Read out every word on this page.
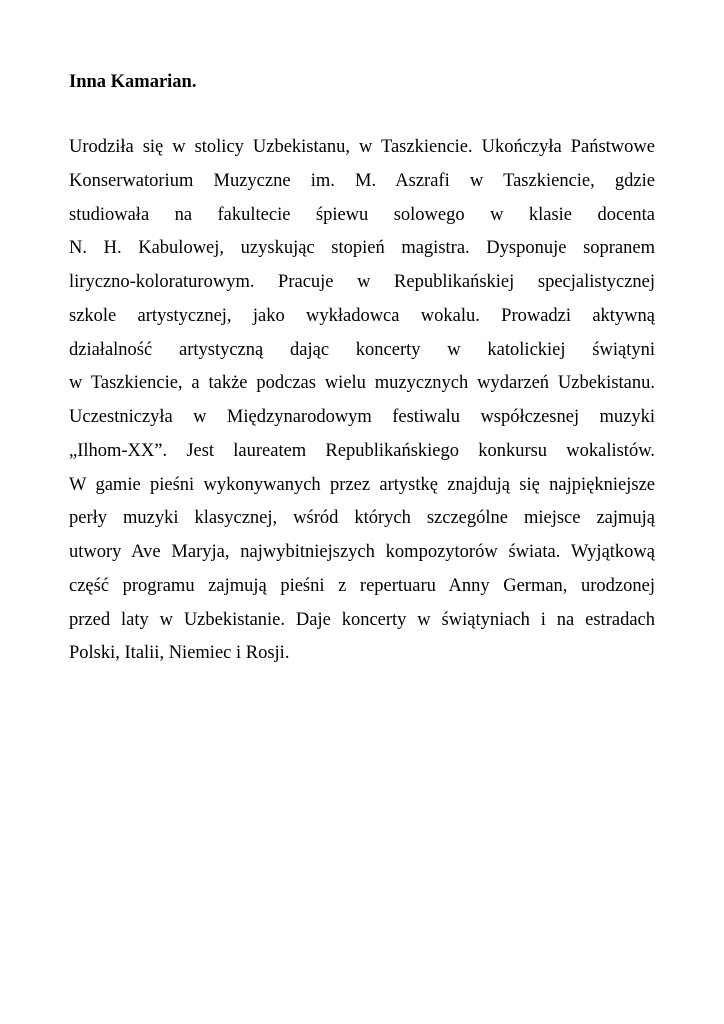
Inna Kamarian.
Urodziła się w stolicy Uzbekistanu, w Taszkiencie. Ukończyła Państwowe
Konserwatorium Muzyczne im. M. Aszrafi w Taszkiencie, gdzie
studiowała na fakultecie śpiewu solowego w klasie docenta
N. H. Kabulowej, uzyskując stopień magistra. Dysponuje sopranem
liryczno-koloraturowym. Pracuje w Republikańskiej specjalistycznej
szkole artystycznej, jako wykładowca wokalu. Prowadzi aktywną
działalność artystyczną dając koncerty w katolickiej świątyni
w Taszkiencie, a także podczas wielu muzycznych wydarzeń Uzbekistanu.
Uczestniczyła w Międzynarodowym festiwalu współczesnej muzyki
„Ilhom-XX”. Jest laureatem Republikańskiego konkursu wokalistów.
W gamie pieśni wykonywanych przez artystkę znajdują się najpiękniejsze
perły muzyki klasycznej, wśród których szczególne miejsce zajmują
utwory Ave Maryja, najwybitniejszych kompozytorów świata. Wyjątkową
część programu zajmują pieśni z repertuaru Anny German, urodzonej
przed laty w Uzbekistanie. Daje koncerty w świątyniach i na estradach
Polski, Italii, Niemiec i Rosji.
